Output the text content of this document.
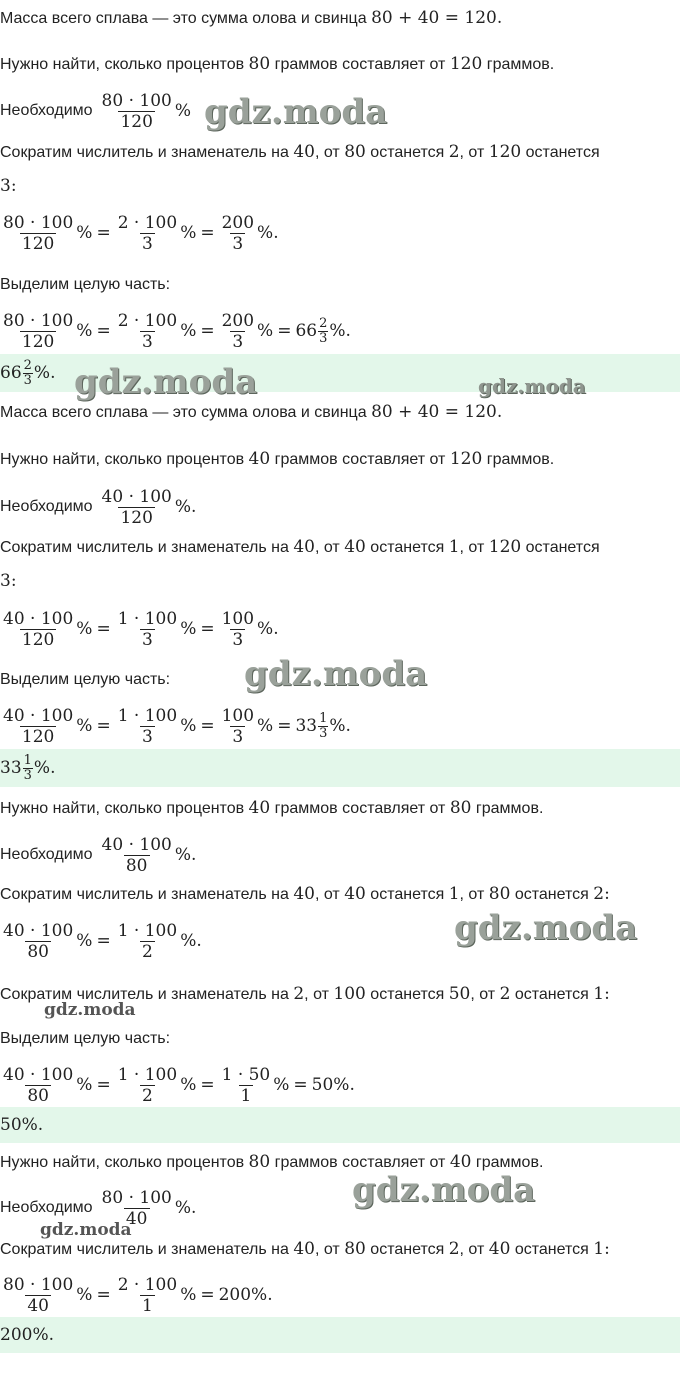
Масса всего сплава — это сумма олова и свинца 80 + 40 = 120.
Нужно найти, сколько процентов 80 граммов составляет от 120 граммов.
Необходимо $\frac{80 \cdot 100}{120}$ % gdz.moda
Сократим числитель и знаменатель на 40, от 80 останется 2, от 120 останется
3:
$\frac{80 \cdot 100}{120}$ % = $\frac{2 \cdot 100}{3}$ % = $\frac{200}{3}$ %.
Выделим целую часть:
$\frac{80 \cdot 100}{120}$ % = $\frac{2 \cdot 100}{3}$ % = $\frac{200}{3}$ % = $66 \frac{2}{3}$ %.
$66 \frac{2}{3}$ %. gdz.moda	gdz.moda
Масса всего сплава — это сумма олова и свинца 80 + 40 = 120.
Нужно найти, сколько процентов 40 граммов составляет от 120 граммов.
Необходимо $\frac{40 \cdot 100}{120}$ %.
Сократим числитель и знаменатель на 40, от 40 останется 1, от 120 останется
3:
$\frac{40 \cdot 100}{120}$ % = $\frac{1 \cdot 100}{3}$ % = $\frac{100}{3}$ %.
Выделим целую часть: gdz.moda
$\frac{40 \cdot 100}{120}$ % = $\frac{1 \cdot 100}{3}$ % = $\frac{100}{3}$ % = $33 \frac{1}{3}$ %.
$33 \frac{1}{3}$ %.
Нужно найти, сколько процентов 40 граммов составляет от 80 граммов.
Необходимо $\frac{40 \cdot 100}{80}$ %.
Сократим числитель и знаменатель на 40, от 40 останется 1, от 80 останется 2:
$\frac{40 \cdot 100}{80}$ % = $\frac{1 \cdot 100}{2}$ %.	gdz.moda
Сократим числитель и знаменатель на 2, от 100 останется 50, от 2 останется 1:
gdz.moda
Выделим целую часть:
$\frac{40 \cdot 100}{80}$ % = $\frac{1 \cdot 100}{2}$ % = $\frac{1 \cdot 50}{1}$ % = 50%.
50%.
Нужно найти, сколько процентов 80 граммов составляет от 40 граммов.
Необходимо $\frac{80 \cdot 100}{40}$ %.	gdz.moda
gdz.moda
Сократим числитель и знаменатель на 40, от 80 останется 2, от 40 останется 1:
$\frac{80 \cdot 100}{40}$ % = $\frac{2 \cdot 100}{1}$ % = 200%.
200%.
